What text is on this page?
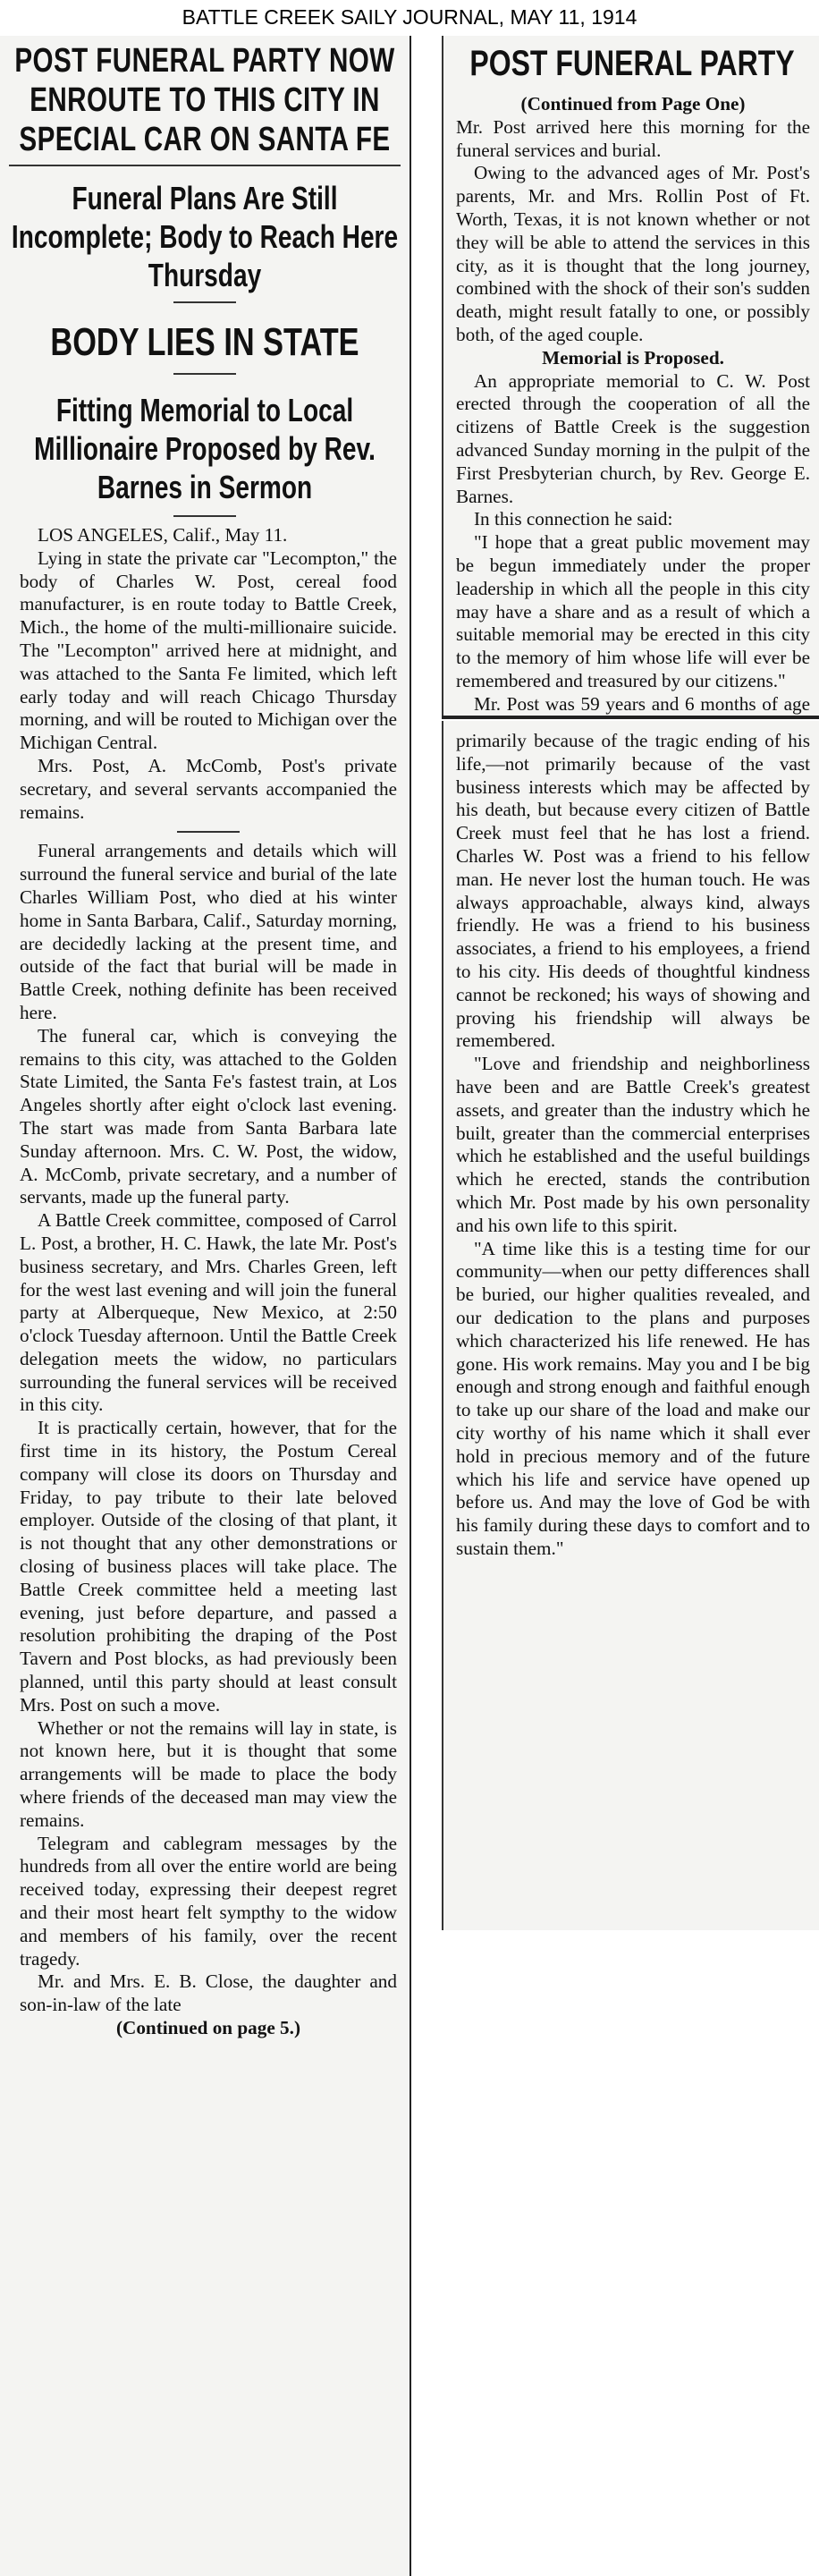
BATTLE CREEK SAILY JOURNAL, MAY 11, 1914
POST FUNERAL PARTY NOW ENROUTE TO THIS CITY IN SPECIAL CAR ON SANTA FE
Funeral Plans Are Still Incomplete; Body to Reach Here Thursday
BODY LIES IN STATE
Fitting Memorial to Local Millionaire Proposed by Rev. Barnes in Sermon

LOS ANGELES, Calif., May 11.

Lying in state the private car "Lecompton," the body of Charles W. Post, cereal food manufacturer, is en route today to Battle Creek, Mich., the home of the multi-millionaire suicide. The "Lecompton" arrived here at midnight, and was attached to the Santa Fe limited, which left early today and will reach Chicago Thursday morning, and will be routed to Michigan over the Michigan Central.

Mrs. Post, A. McComb, Post's private secretary, and several servants accompanied the remains.

Funeral arrangements and details which will surround the funeral service and burial of the late Charles William Post, who died at his winter home in Santa Barbara, Calif., Saturday morning, are decidedly lacking at the present time, and outside of the fact that burial will be made in Battle Creek, nothing definite has been received here.

The funeral car, which is conveying the remains to this city, was attached to the Golden State Limited, the Santa Fe's fastest train, at Los Angeles shortly after eight o'clock last evening. The start was made from Santa Barbara late Sunday afternoon. Mrs. C. W. Post, the widow, A. McComb, private secretary, and a number of servants, made up the funeral party.

A Battle Creek committee, composed of Carrol L. Post, a brother, H. C. Hawk, the late Mr. Post's business secretary, and Mrs. Charles Green, left for the west last evening and will join the funeral party at Alberqueque, New Mexico, at 2:50 o'clock Tuesday afternoon. Until the Battle Creek delegation meets the widow, no particulars surrounding the funeral services will be received in this city.

It is practically certain, however, that for the first time in its history, the Postum Cereal company will close its doors on Thursday and Friday, to pay tribute to their late beloved employer. Outside of the closing of that plant, it is not thought that any other demonstrations or closing of business places will take place. The Battle Creek committee held a meeting last evening, just before departure, and passed a resolution prohibiting the draping of the Post Tavern and Post blocks, as had previously been planned, until this party should at least consult Mrs. Post on such a move.

Whether or not the remains will lay in state, is not known here, but it is thought that some arrangements will be made to place the body where friends of the deceased man may view the remains.

Telegram and cablegram messages by the hundreds from all over the entire world are being received today, expressing their deepest regret and their most heart felt sympthy to the widow and members of his family, over the recent tragedy.

Mr. and Mrs. E. B. Close, the daughter and son-in-law of the late

(Continued on page 5.)

POST FUNERAL PARTY

(Continued from Page One)

Mr. Post arrived here this morning for the funeral services and burial.

Owing to the advanced ages of Mr. Post's parents, Mr. and Mrs. Rollin Post of Ft. Worth, Texas, it is not known whether or not they will be able to attend the services in this city, as it is thought that the long journey, combined with the shock of their son's sudden death, might result fatally to one, or possibly both, of the aged couple.

Memorial is Proposed.

An appropriate memorial to C. W. Post erected through the cooperation of all the citizens of Battle Creek is the suggestion advanced Sunday morning in the pulpit of the First Presbyterian church, by Rev. George E. Barnes.

In this connection he said:

"I hope that a great public movement may be begun immediately under the proper leadership in which all the people in this city may have a share and as a result of which a suitable memorial may be erected in this city to the memory of him whose life will ever be remembered and treasured by our citizens."

Mr. Post was 59 years and 6 months of age

primarily because of the tragic ending of his life,—not primarily because of the vast business interests which may be affected by his death, but because every citizen of Battle Creek must feel that he has lost a friend. Charles W. Post was a friend to his fellow man. He never lost the human touch. He was always approachable, always kind, always friendly. He was a friend to his business associates, a friend to his employees, a friend to his city. His deeds of thoughtful kindness cannot be reckoned; his ways of showing and proving his friendship will always be remembered.

"Love and friendship and neighborliness have been and are Battle Creek's greatest assets, and greater than the industry which he built, greater than the commercial enterprises which he established and the useful buildings which he erected, stands the contribution which Mr. Post made by his own personality and his own life to this spirit.

"A time like this is a testing time for our community—when our petty differences shall be buried, our higher qualities revealed, and our dedication to the plans and purposes which characterized his life renewed. He has gone. His work remains. May you and I be big enough and strong enough and faithful enough to take up our share of the load and make our city worthy of his name which it shall ever hold in precious memory and of the future which his life and service have opened up before us. And may the love of God be with his family during these days to comfort and to sustain them."
